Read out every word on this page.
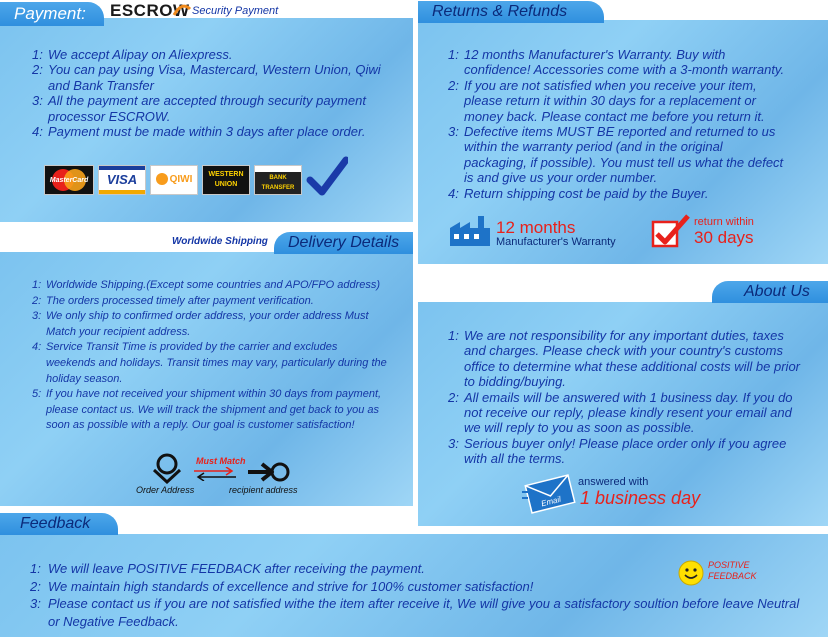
Payment:	ESCROW Security Payment
1: We accept Alipay on Aliexpress.
2: You can pay using Visa, Mastercard, Western Union, Qiwi and Bank Transfer
3: All the payment are accepted through security payment processor ESCROW.
4: Payment must be made within 3 days after place order.
MasterCard	VISA	QIWI	WESTERN UNION
BANK TRANSFER
Worldwide Shipping	Delivery Details
1: Worldwide Shipping.(Except some countries and APO/FPO address)
2: The orders processed timely after payment verification.
3: We only ship to confirmed order address, your order address Must Match your recipient address.
4: Service Transit Time is provided by the carrier and excludes weekends and holidays. Transit times may vary, particularly during the holiday season.
5: If you have not received your shipment within 30 days from payment, please contact us. We will track the shipment and get back to you as soon as possible with a reply. Our goal is customer satisfaction!
Must Match
Order Address	recipient address
Returns & Refunds
1: 12 months Manufacturer's Warranty. Buy with confidence! Accessories come with a 3-month warranty.
2: If you are not satisfied when you receive your item, please return it within 30 days for a replacement or money back. Please contact me before you return it.
3: Defective items MUST BE reported and returned to us within the warranty period (and in the original packaging, if possible). You must tell us what the defect is and give us your order number.
4: Return shipping cost be paid by the Buyer.
12 months
Manufacturer's Warranty
return within
30 days
About Us
1: We are not responsibility for any important duties, taxes and charges. Please check with your country's customs office to determine what these additional costs will be prior to bidding/buying.
2: All emails will be answered with 1 business day. If you do not receive our reply, please kindly resent your email and we will reply to you as soon as possible.
3: Serious buyer only! Please place order only if you agree with all the terms.
Email
answered with
1 business day
Feedback
1: We will leave POSITIVE FEEDBACK after receiving the payment.
2: We maintain high standards of excellence and strive for 100% customer satisfaction!
3: Please contact us if you are not satisfied withe the item after receive it, We will give you a satisfactory soultion before leave Neutral or Negative Feedback.
POSITIVE
FEEDBACK
